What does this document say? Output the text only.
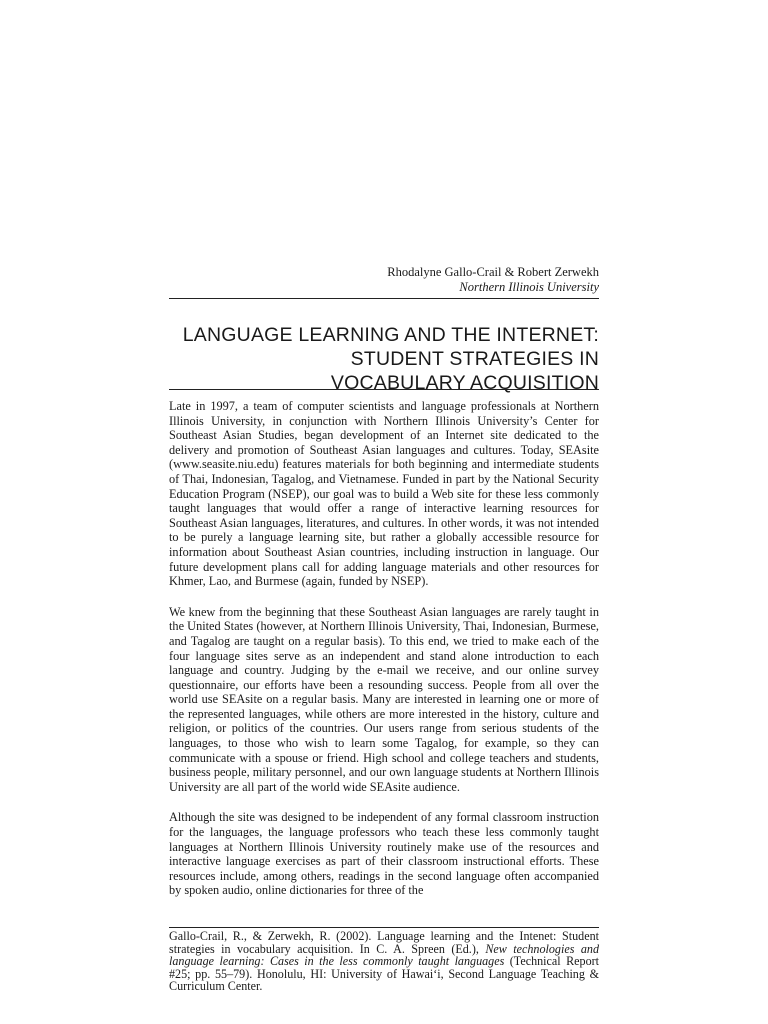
Rhodalyne Gallo-Crail & Robert Zerwekh
Northern Illinois University
LANGUAGE LEARNING AND THE INTERNET:
STUDENT STRATEGIES IN
VOCABULARY ACQUISITION

Late in 1997, a team of computer scientists and language professionals at Northern Illinois University, in conjunction with Northern Illinois University’s Center for Southeast Asian Studies, began development of an Internet site dedicated to the delivery and promotion of Southeast Asian languages and cultures. Today, SEAsite (www.seasite.niu.edu) features materials for both beginning and intermediate students of Thai, Indonesian, Tagalog, and Vietnamese. Funded in part by the National Security Education Program (NSEP), our goal was to build a Web site for these less commonly taught languages that would offer a range of interactive learning resources for Southeast Asian languages, literatures, and cultures. In other words, it was not intended to be purely a language learning site, but rather a globally accessible resource for information about Southeast Asian countries, including instruction in language. Our future development plans call for adding language materials and other resources for Khmer, Lao, and Burmese (again, funded by NSEP).

We knew from the beginning that these Southeast Asian languages are rarely taught in the United States (however, at Northern Illinois University, Thai, Indonesian, Burmese, and Tagalog are taught on a regular basis). To this end, we tried to make each of the four language sites serve as an independent and stand alone introduction to each language and country. Judging by the e-mail we receive, and our online survey questionnaire, our efforts have been a resounding success. People from all over the world use SEAsite on a regular basis. Many are interested in learning one or more of the represented languages, while others are more interested in the history, culture and religion, or politics of the countries. Our users range from serious students of the languages, to those who wish to learn some Tagalog, for example, so they can communicate with a spouse or friend. High school and college teachers and students, business people, military personnel, and our own language students at Northern Illinois University are all part of the world wide SEAsite audience.

Although the site was designed to be independent of any formal classroom instruction for the languages, the language professors who teach these less commonly taught languages at Northern Illinois University routinely make use of the resources and interactive language exercises as part of their classroom instructional efforts. These resources include, among others, readings in the second language often accompanied by spoken audio, online dictionaries for three of the

Gallo-Crail, R., & Zerwekh, R. (2002). Language learning and the Intenet: Student strategies in vocabulary acquisition. In C. A. Spreen (Ed.), New technologies and language learning: Cases in the less commonly taught languages (Technical Report #25; pp. 55–79). Honolulu, HI: University of Hawai‘i, Second Language Teaching & Curriculum Center.
